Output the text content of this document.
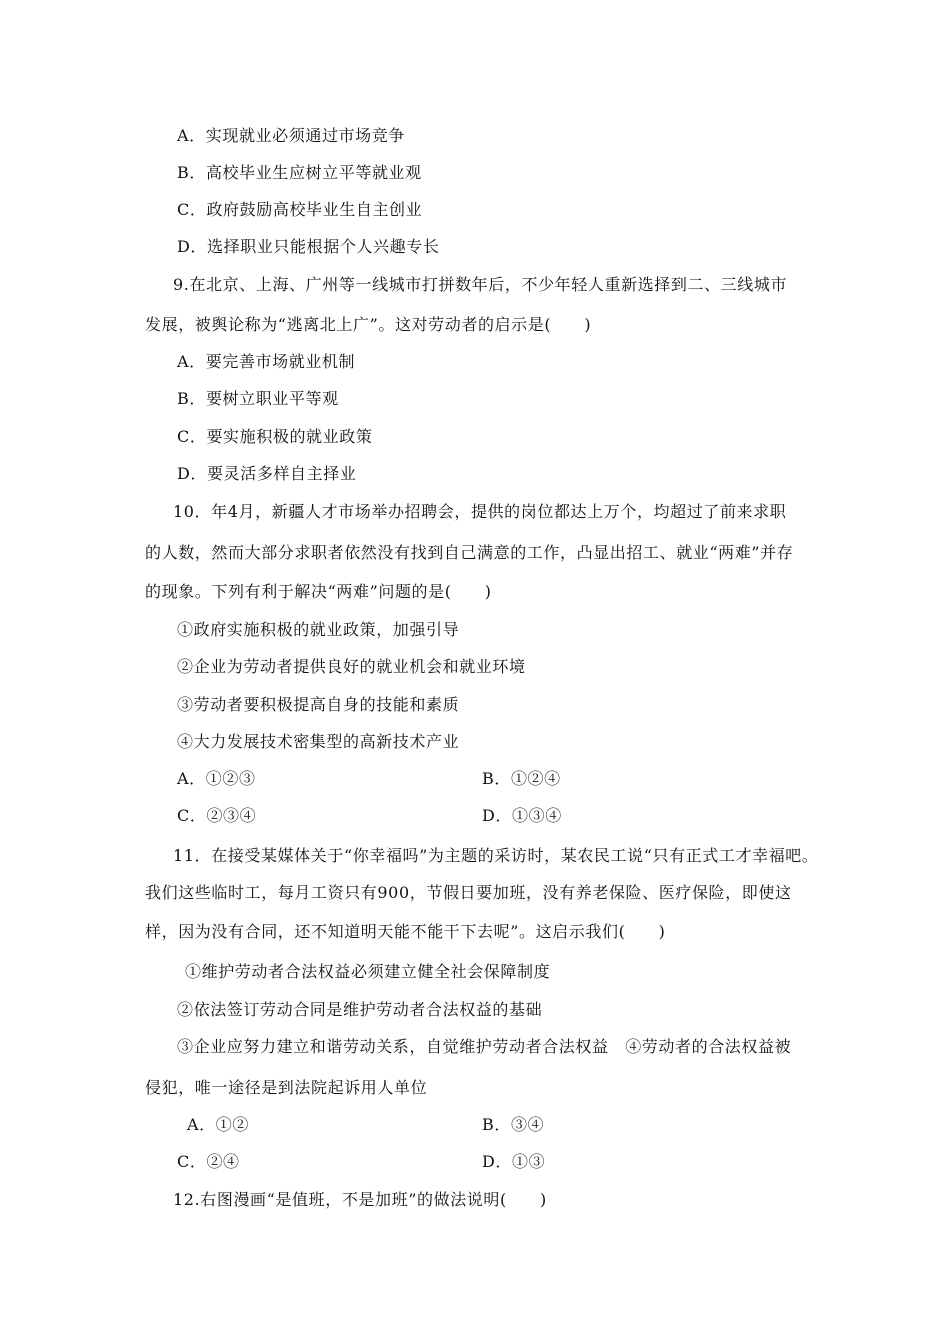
A．实现就业必须通过市场竞争
B．高校毕业生应树立平等就业观
C．政府鼓励高校毕业生自主创业
D．选择职业只能根据个人兴趣专长
9.在北京、上海、广州等一线城市打拼数年后，不少年轻人重新选择到二、三线城市
发展，被舆论称为“逃离北上广”。这对劳动者的启示是(　　)
A．要完善市场就业机制
B．要树立职业平等观
C．要实施积极的就业政策
D．要灵活多样自主择业
10．年4月，新疆人才市场举办招聘会，提供的岗位都达上万个，均超过了前来求职
的人数，然而大部分求职者依然没有找到自己满意的工作，凸显出招工、就业“两难”并存
的现象。下列有利于解决“两难”问题的是(　　)
①政府实施积极的就业政策，加强引导
②企业为劳动者提供良好的就业机会和就业环境
③劳动者要积极提高自身的技能和素质
④大力发展技术密集型的高新技术产业
A．①②③	B．①②④
C．②③④	D．①③④
11．在接受某媒体关于“你幸福吗”为主题的采访时，某农民工说“只有正式工才幸福吧。
我们这些临时工，每月工资只有900，节假日要加班，没有养老保险、医疗保险，即使这
样，因为没有合同，还不知道明天能不能干下去呢”。这启示我们(　　)
①维护劳动者合法权益必须建立健全社会保障制度
②依法签订劳动合同是维护劳动者合法权益的基础
③企业应努力建立和谐劳动关系，自觉维护劳动者合法权益　④劳动者的合法权益被
侵犯，唯一途径是到法院起诉用人单位
A．①②	B．③④
C．②④	D．①③
12.右图漫画“是值班，不是加班”的做法说明(　　)
